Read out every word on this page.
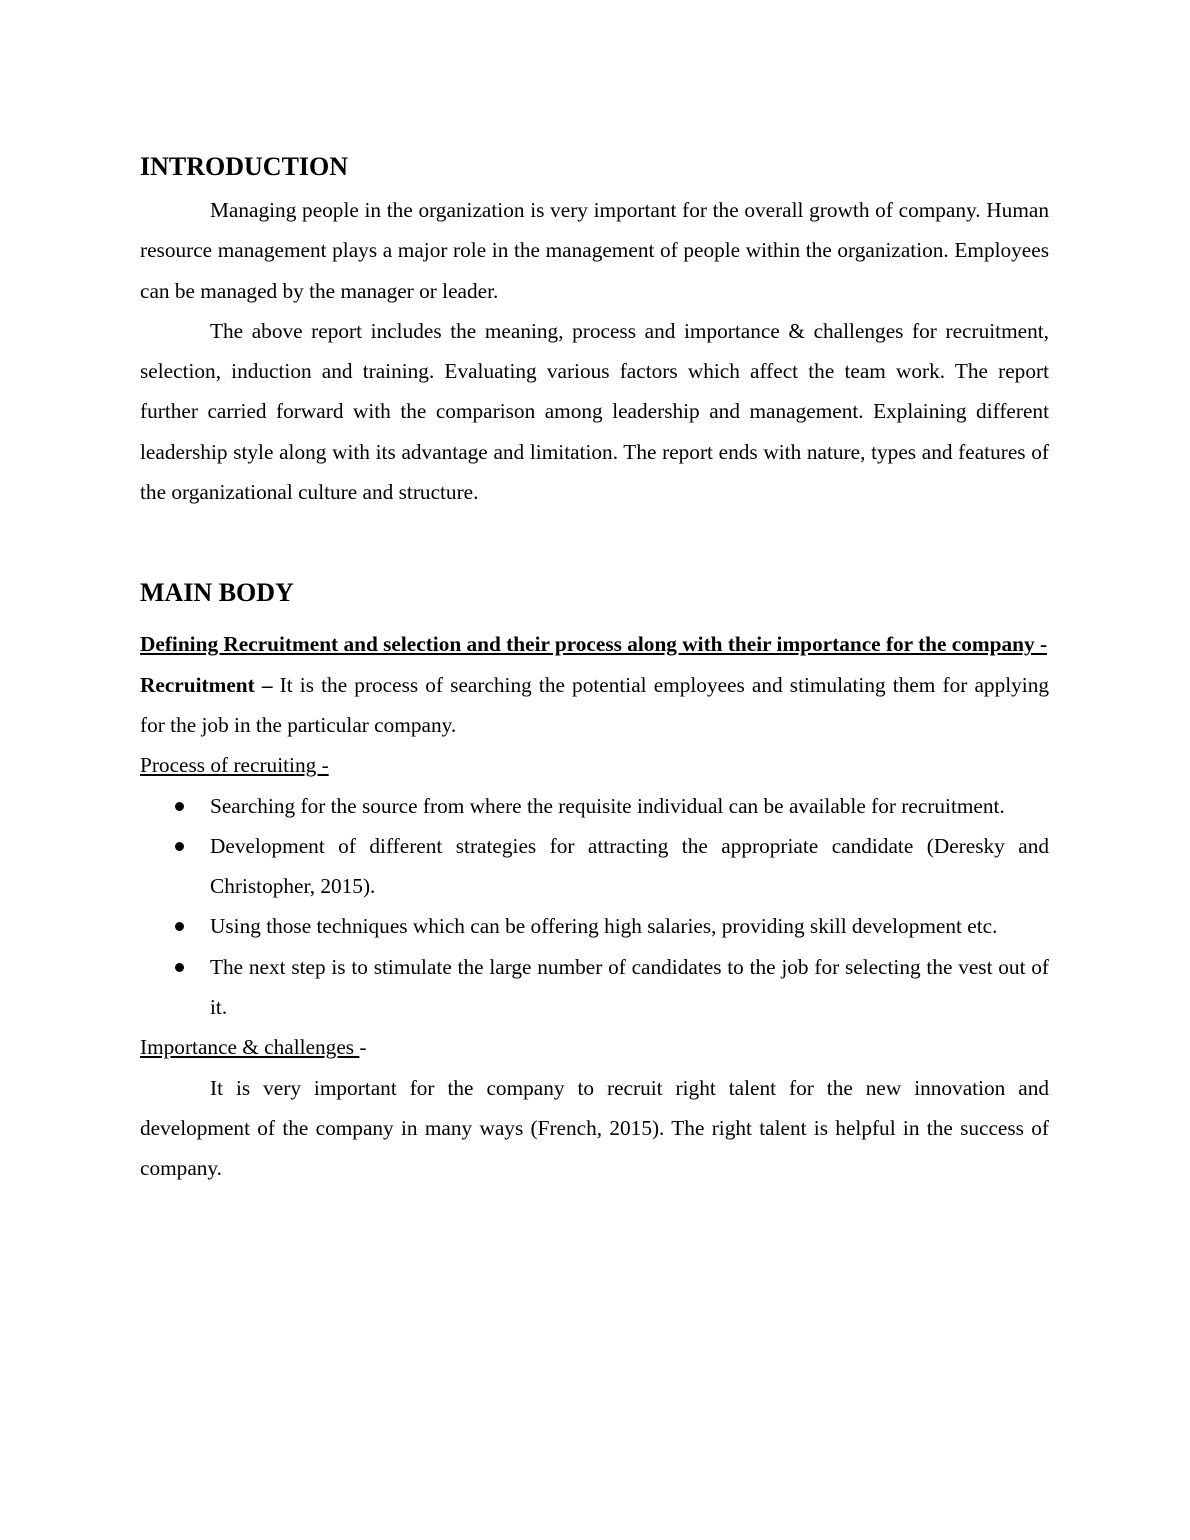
INTRODUCTION

Managing people in the organization is very important for the overall growth of company. Human resource management plays a major role in the management of people within the organization. Employees can be managed by the manager or leader.

The above report includes the meaning, process and importance & challenges for recruitment, selection, induction and training. Evaluating various factors which affect the team work. The report further carried forward with the comparison among leadership and management. Explaining different leadership style along with its advantage and limitation. The report ends with nature, types and features of the organizational culture and structure.

MAIN BODY

Defining Recruitment and selection and their process along with their importance for the company -

Recruitment – It is the process of searching the potential employees and stimulating them for applying for the job in the particular company.

Process of recruiting -

Searching for the source from where the requisite individual can be available for recruitment.
Development of different strategies for attracting the appropriate candidate (Deresky and Christopher, 2015).
Using those techniques which can be offering high salaries, providing skill development etc.
The next step is to stimulate the large number of candidates to the job for selecting the vest out of it.

Importance & challenges -

It is very important for the company to recruit right talent for the new innovation and development of the company in many ways (French, 2015). The right talent is helpful in the success of company.
